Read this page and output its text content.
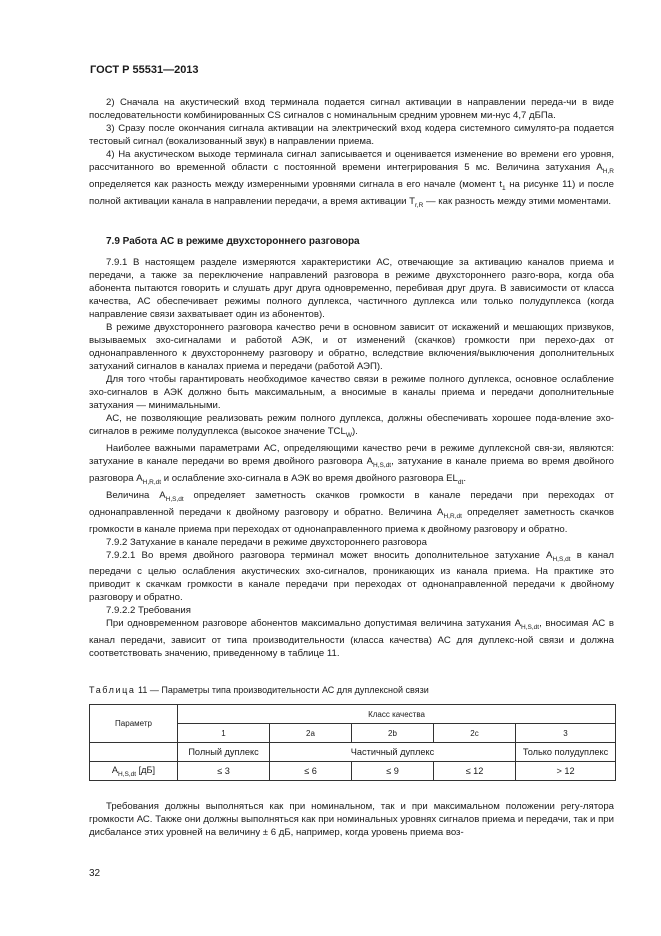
ГОСТ Р 55531—2013

2) Сначала на акустический вход терминала подается сигнал активации в направлении переда-чи в виде последовательности комбинированных CS сигналов с номинальным средним уровнем ми-нус 4,7 дБПа.

3) Сразу после окончания сигнала активации на электрический вход кодера системного симулято-ра подается тестовый сигнал (вокализованный звук) в направлении приема.

4) На акустическом выходе терминала сигнал записывается и оценивается изменение во времени его уровня, рассчитанного во временной области с постоянной времени интегрирования 5 мс. Величина затухания $А_{H,R}$ определяется как разность между измеренными уровнями сигнала в его начале (момент $t_1$ на рисунке 11) и после полной активации канала в направлении передачи, а время активации $T_{r,R}$ — как разность между этими моментами.

7.9 Работа АС в режиме двухстороннего разговора

7.9.1 В настоящем разделе измеряются характеристики АС, отвечающие за активацию каналов приема и передачи, а также за переключение направлений разговора в режиме двухстороннего разго-вора, когда оба абонента пытаются говорить и слушать друг друга одновременно, перебивая друг друга. В зависимости от класса качества, АС обеспечивает режимы полного дуплекса, частичного дуплекса или только полудуплекса (когда направление связи захватывает один из абонентов).

В режиме двухстороннего разговора качество речи в основном зависит от искажений и мешающих призвуков, вызываемых эхо-сигналами и работой АЭК, и от изменений (скачков) громкости при перехо-дах от однонаправленного к двухстороннему разговору и обратно, вследствие включения/выключения дополнительных затуханий сигналов в каналах приема и передачи (работой АЭП).

Для того чтобы гарантировать необходимое качество связи в режиме полного дуплекса, основное ослабление эхо-сигналов в АЭК должно быть максимальным, а вносимые в каналы приема и передачи дополнительные затухания — минимальными.

АС, не позволяющие реализовать режим полного дуплекса, должны обеспечивать хорошее пода-вление эхо-сигналов в режиме полудуплекса (высокое значение $TCL_W$).

Наиболее важными параметрами АС, определяющими качество речи в режиме дуплексной свя-зи, являются: затухание в канале передачи во время двойного разговора $А_{H,S,dt}$, затухание в канале приема во время двойного разговора $А_{H,R,dt}$ и ослабление эхо-сигнала в АЭК во время двойного разговора $EL_{dt}$.

Величина $А_{H,S,dt}$ определяет заметность скачков громкости в канале передачи при переходах от однонаправленной передачи к двойному разговору и обратно. Величина $А_{H,R,dt}$ определяет заметность скачков громкости в канале приема при переходах от однонаправленного приема к двойному разговору и обратно.

7.9.2 Затухание в канале передачи в режиме двухстороннего разговора

7.9.2.1 Во время двойного разговора терминал может вносить дополнительное затухание $А_{H,S,dt}$ в канал передачи с целью ослабления акустических эхо-сигналов, проникающих из канала приема. На практике это приводит к скачкам громкости в канале передачи при переходах от однонаправленной передачи к двойному разговору и обратно.

7.9.2.2 Требования

При одновременном разговоре абонентов максимально допустимая величина затухания $А_{H,S,dt}$, вносимая АС в канал передачи, зависит от типа производительности (класса качества) АС для дуплекс-ной связи и должна соответствовать значению, приведенному в таблице 11.

Таблица 11 — Параметры типа производительности АС для дуплексной связи
Параметр	Класс качества				
	1	2a	2b	2c	3
	Полный дуплекс	Частичный дуплекс			Только полудуплекс
$А_{H,S,dt}$ [дБ]	≤ 3	≤ 6	≤ 9	≤ 12	> 12

Требования должны выполняться как при номинальном, так и при максимальном положении регу-лятора громкости АС. Также они должны выполняться как при номинальных уровнях сигналов приема и передачи, так и при дисбалансе этих уровней на величину ± 6 дБ, например, когда уровень приема воз-

32
